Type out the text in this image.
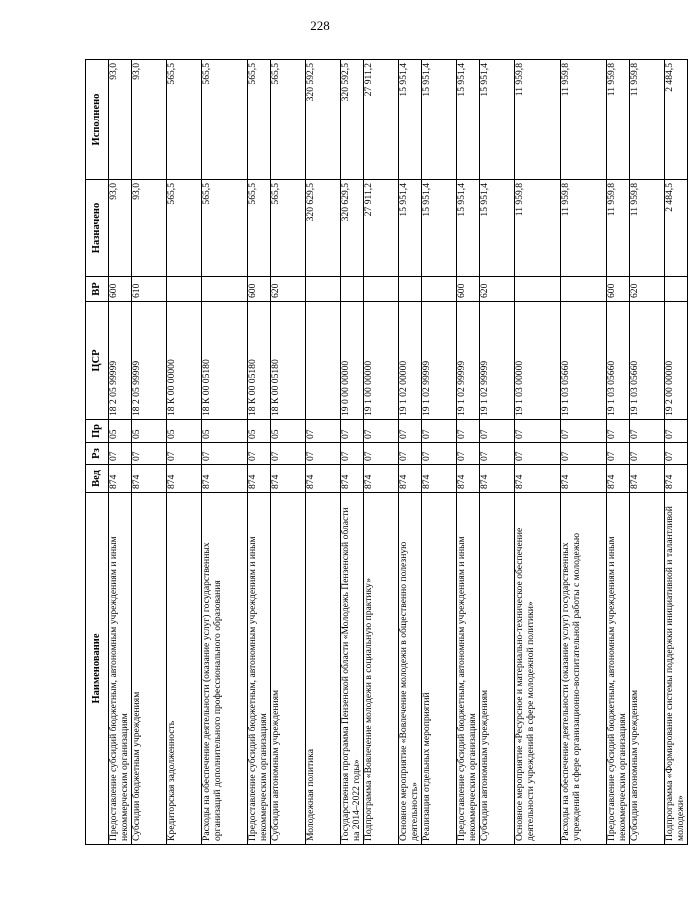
228
Наименование	Вед	Рз	Пр	ЦСР	ВР	Назначено	Исполнено
Предоставление субсидий бюджетным, автономным учреждениям и иным некоммерческим организациям	874	07	05	18 2 05 99999	600	93,0	93,0
Субсидии бюджетным учреждениям	874	07	05	18 2 05 99999	610	93,0	93,0
Кредиторская задолженность	874	07	05	18 К 00 00000		565,5	565,5
Расходы на обеспечение деятельности (оказание услуг) государственных организаций дополнительного профессионального образования	874	07	05	18 К 00 05180		565,5	565,5
Предоставление субсидий бюджетным, автономным учреждениям и иным некоммерческим организациям	874	07	05	18 К 00 05180	600	565,5	565,5
Субсидии автономным учреждениям	874	07	05	18 К 00 05180	620	565,5	565,5
Молодежная политика	874	07	07			320 629,5	320 592,5
Государственная программа Пензенской области «Молодежь Пензенской области на 2014–2022 годы»	874	07	07	19 0 00 00000		320 629,5	320 592,5
Подпрограмма «Вовлечение молодежи в социальную практику»	874	07	07	19 1 00 00000		27 911,2	27 911,2
Основное мероприятие «Вовлечение молодежи в общественно полезную деятельность»	874	07	07	19 1 02 00000		15 951,4	15 951,4
Реализация отдельных мероприятий	874	07	07	19 1 02 99999		15 951,4	15 951,4
Предоставление субсидий бюджетным, автономным учреждениям и иным некоммерческим организациям	874	07	07	19 1 02 99999	600	15 951,4	15 951,4
Субсидии автономным учреждениям	874	07	07	19 1 02 99999	620	15 951,4	15 951,4
Основное мероприятие «Ресурсное и материально-техническое обеспечение деятельности учреждений в сфере молодежной политики»	874	07	07	19 1 03 00000		11 959,8	11 959,8
Расходы на обеспечение деятельности (оказание услуг) государственных учреждений в сфере организационно-воспитательной работы с молодежью	874	07	07	19 1 03 05660		11 959,8	11 959,8
Предоставление субсидий бюджетным, автономным учреждениям и иным некоммерческим организациям	874	07	07	19 1 03 05660	600	11 959,8	11 959,8
Субсидии автономным учреждениям	874	07	07	19 1 03 05660	620	11 959,8	11 959,8
Подпрограмма «Формирование системы поддержки инициативной и талантливой молодежи»	874	07	07	19 2 00 00000		2 484,5	2 484,5
